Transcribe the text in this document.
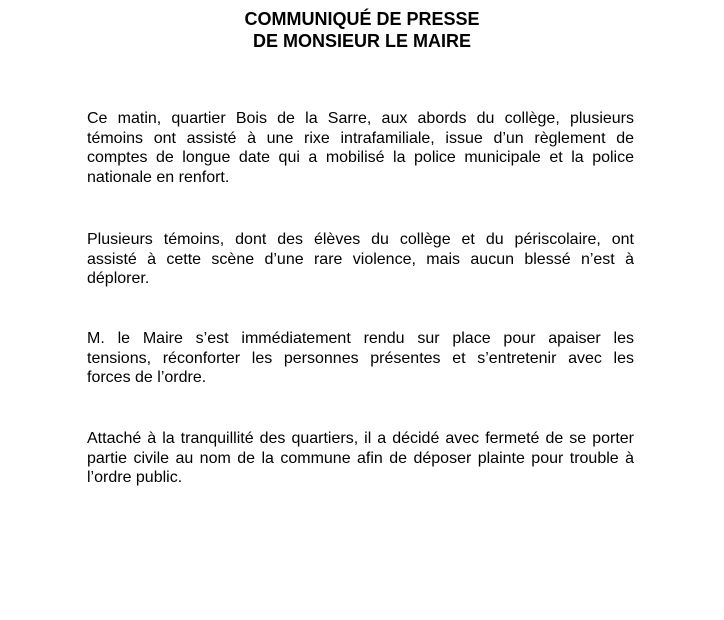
COMMUNIQUÉ DE PRESSE
DE MONSIEUR LE MAIRE

Ce matin, quartier Bois de la Sarre, aux abords du collège, plusieurs
témoins ont assisté à une rixe intrafamiliale, issue d’un règlement de
comptes de longue date qui a mobilisé la police municipale et la police
nationale en renfort.

Plusieurs témoins, dont des élèves du collège et du périscolaire, ont
assisté à cette scène d’une rare violence, mais aucun blessé n’est à
déplorer.

M. le Maire s’est immédiatement rendu sur place pour apaiser les
tensions, réconforter les personnes présentes et s’entretenir avec les
forces de l’ordre.

Attaché à la tranquillité des quartiers, il a décidé avec fermeté de se porter
partie civile au nom de la commune afin de déposer plainte pour trouble à
l’ordre public.
